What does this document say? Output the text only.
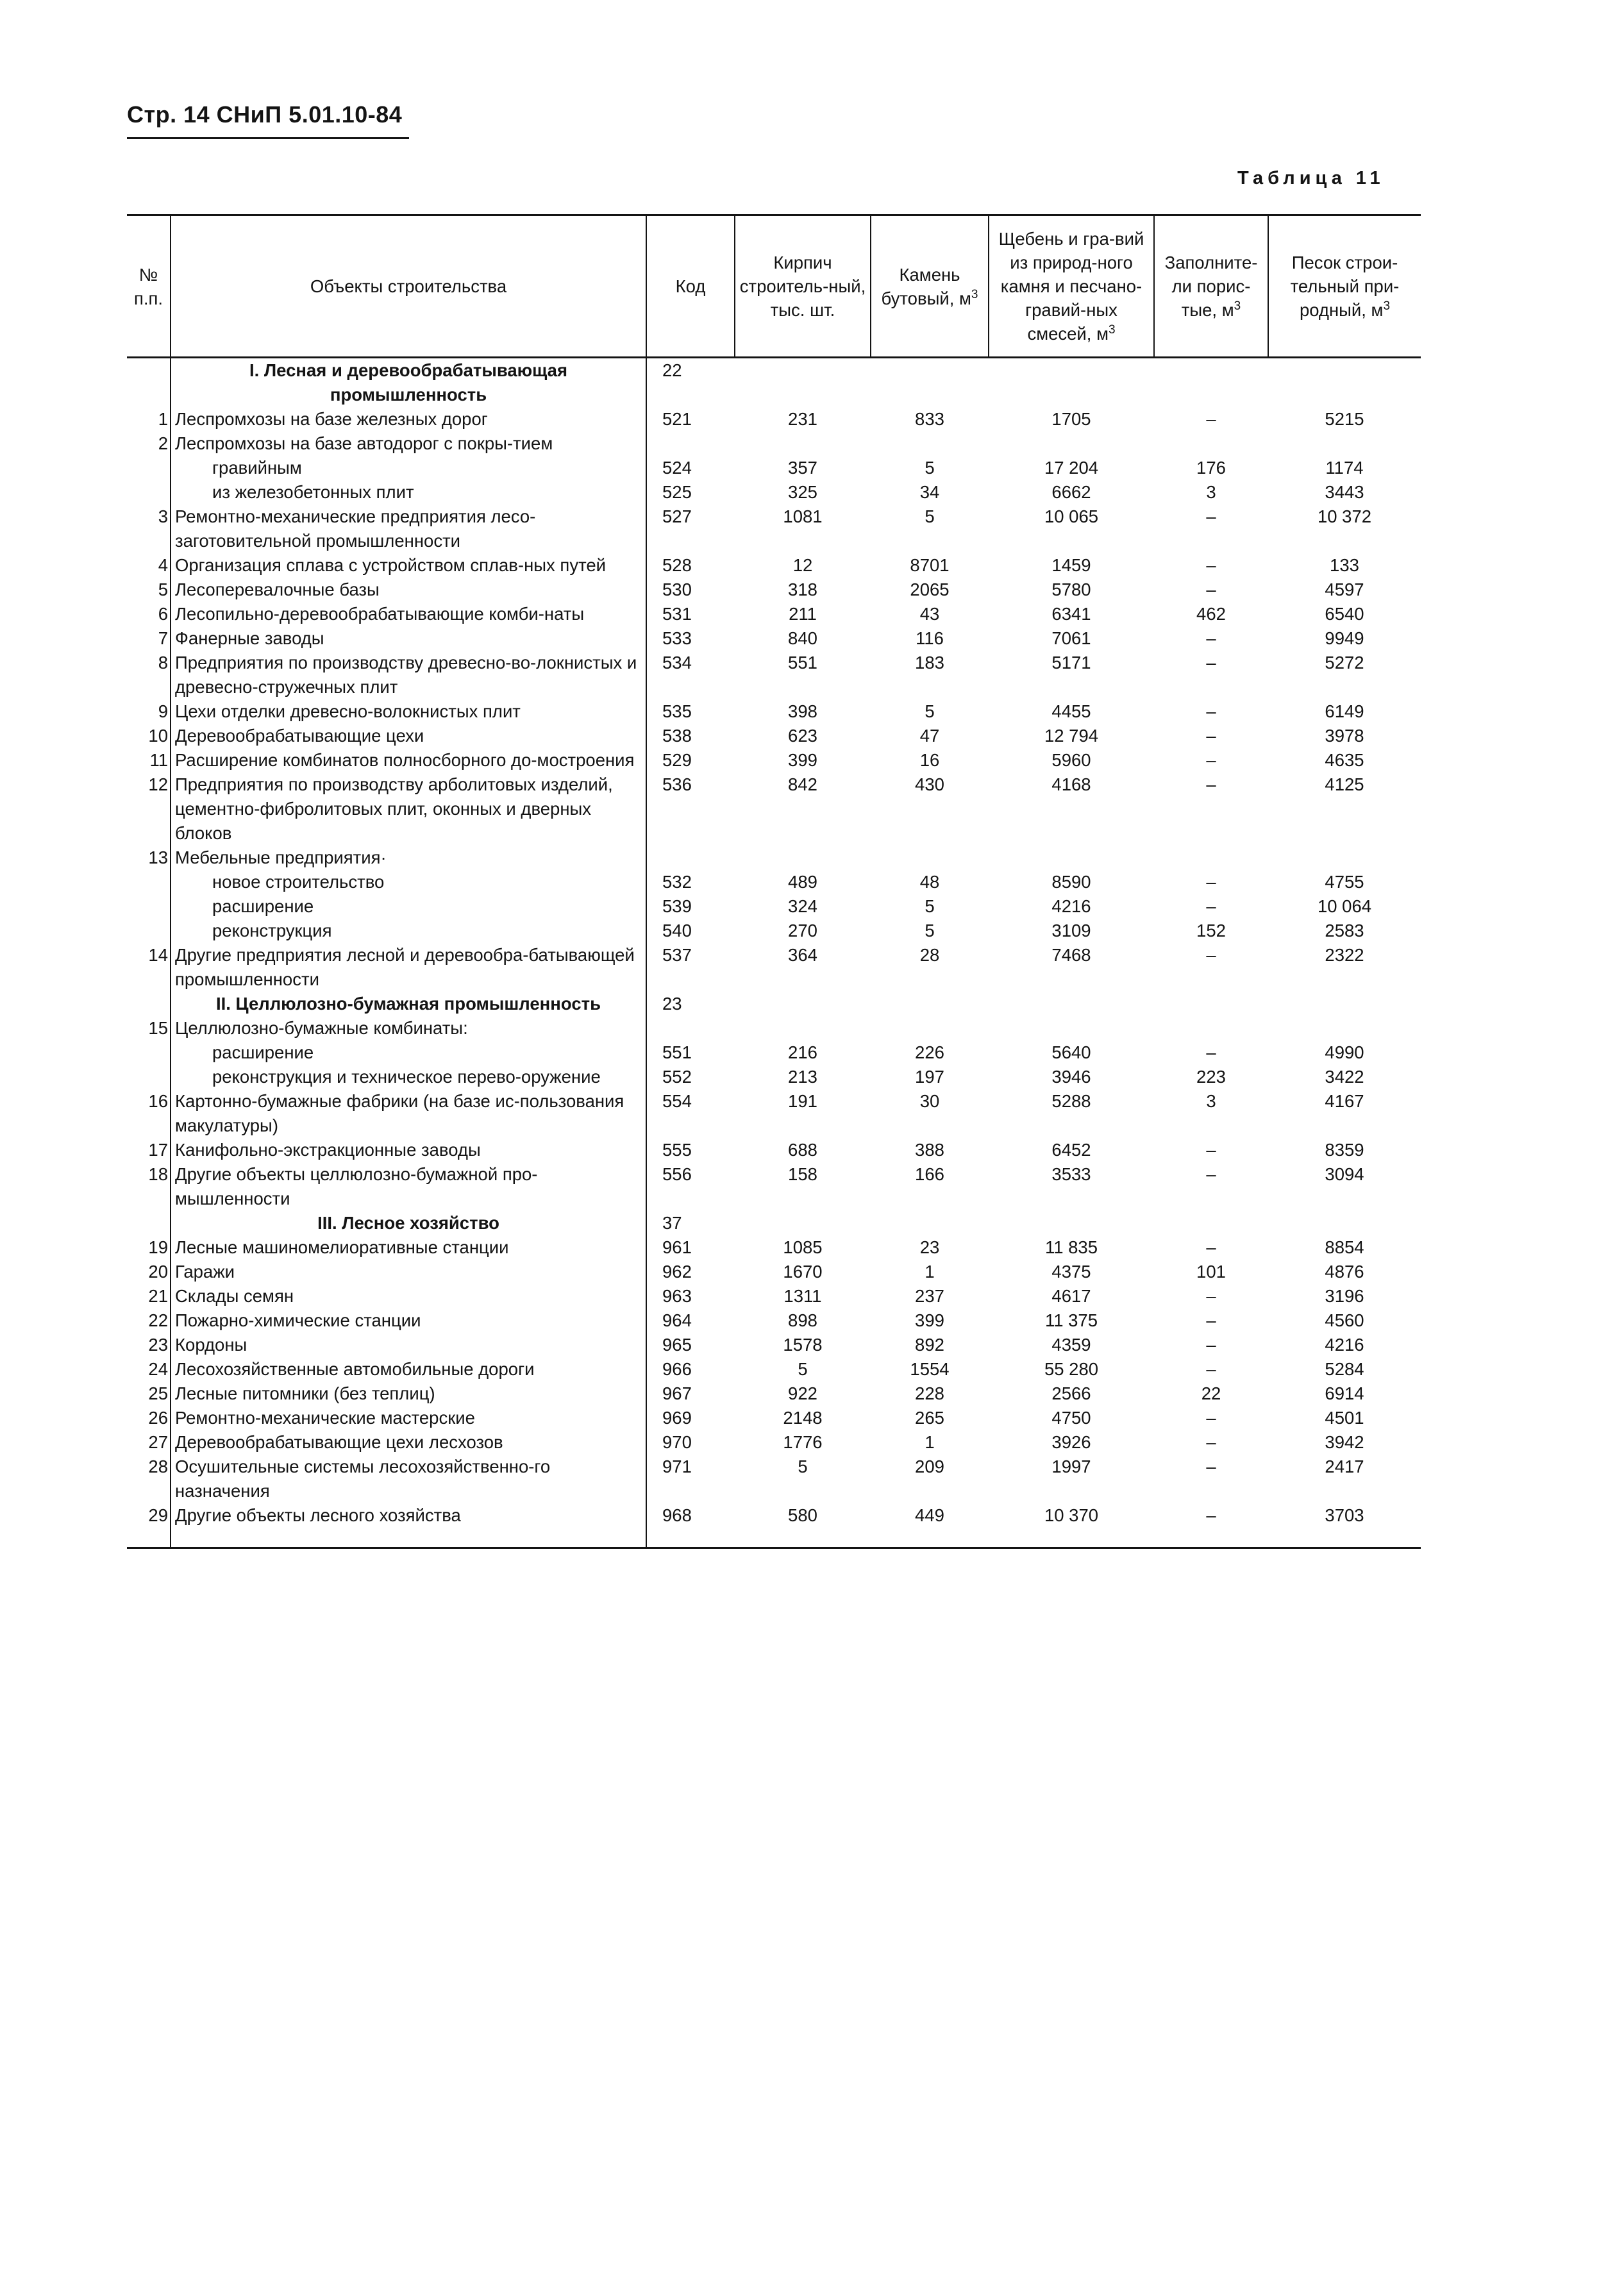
Стр. 14 СНиП 5.01.10-84
Таблица 11
№ п.п.	Объекты строительства	Код	Кирпич строитель-ный, тыс. шт.	Камень бутовый, $м^3$	Щебень и гра-вий из природ-ного камня и песчано-гравий-ных смесей, $м^3$	Заполните-ли порис-тые, $м^3$	Песок строи-тельный при-родный, $м^3$
	I. Лесная и деревообрабатывающая промышленность	22					
1	Леспромхозы на базе железных дорог	521	231	833	1705	–	5215
2	Леспромхозы на базе автодорог с покры-тием						
	гравийным	524	357	5	17 204	176	1174
	из железобетонных плит	525	325	34	6662	3	3443
3	Ремонтно-механические предприятия лесо-заготовительной промышленности	527	1081	5	10 065	–	10 372
4	Организация сплава с устройством сплав-ных путей	528	12	8701	1459	–	133
5	Лесоперевалочные базы	530	318	2065	5780	–	4597
6	Лесопильно-деревообрабатывающие комби-наты	531	211	43	6341	462	6540
7	Фанерные заводы	533	840	116	7061	–	9949
8	Предприятия по производству древесно-во-локнистых и древесно-стружечных плит	534	551	183	5171	–	5272
9	Цехи отделки древесно-волокнистых плит	535	398	5	4455	–	6149
10	Деревообрабатывающие цехи	538	623	47	12 794	–	3978
11	Расширение комбинатов полносборного до-мостроения	529	399	16	5960	–	4635
12	Предприятия по производству арболитовых изделий, цементно-фибролитовых плит, оконных и дверных блоков	536	842	430	4168	–	4125
13	Мебельные предприятия·						
	новое строительство	532	489	48	8590	–	4755
	расширение	539	324	5	4216	–	10 064
	реконструкция	540	270	5	3109	152	2583
14	Другие предприятия лесной и деревообра-батывающей промышленности	537	364	28	7468	–	2322
	II. Целлюлозно-бумажная промышленность	23					
15	Целлюлозно-бумажные комбинаты:						
	расширение	551	216	226	5640	–	4990
	реконструкция и техническое перево-оружение	552	213	197	3946	223	3422
16	Картонно-бумажные фабрики (на базе ис-пользования макулатуры)	554	191	30	5288	3	4167
17	Канифольно-экстракционные заводы	555	688	388	6452	–	8359
18	Другие объекты целлюлозно-бумажной про-мышленности	556	158	166	3533	–	3094
	III. Лесное хозяйство	37					
19	Лесные машиномелиоративные станции	961	1085	23	11 835	–	8854
20	Гаражи	962	1670	1	4375	101	4876
21	Склады семян	963	1311	237	4617	–	3196
22	Пожарно-химические станции	964	898	399	11 375	–	4560
23	Кордоны	965	1578	892	4359	–	4216
24	Лесохозяйственные автомобильные дороги	966	5	1554	55 280	–	5284
25	Лесные питомники (без теплиц)	967	922	228	2566	22	6914
26	Ремонтно-механические мастерские	969	2148	265	4750	–	4501
27	Деревообрабатывающие цехи лесхозов	970	1776	1	3926	–	3942
28	Осушительные системы лесохозяйственно-го назначения	971	5	209	1997	–	2417
29	Другие объекты лесного хозяйства	968	580	449	10 370	–	3703
